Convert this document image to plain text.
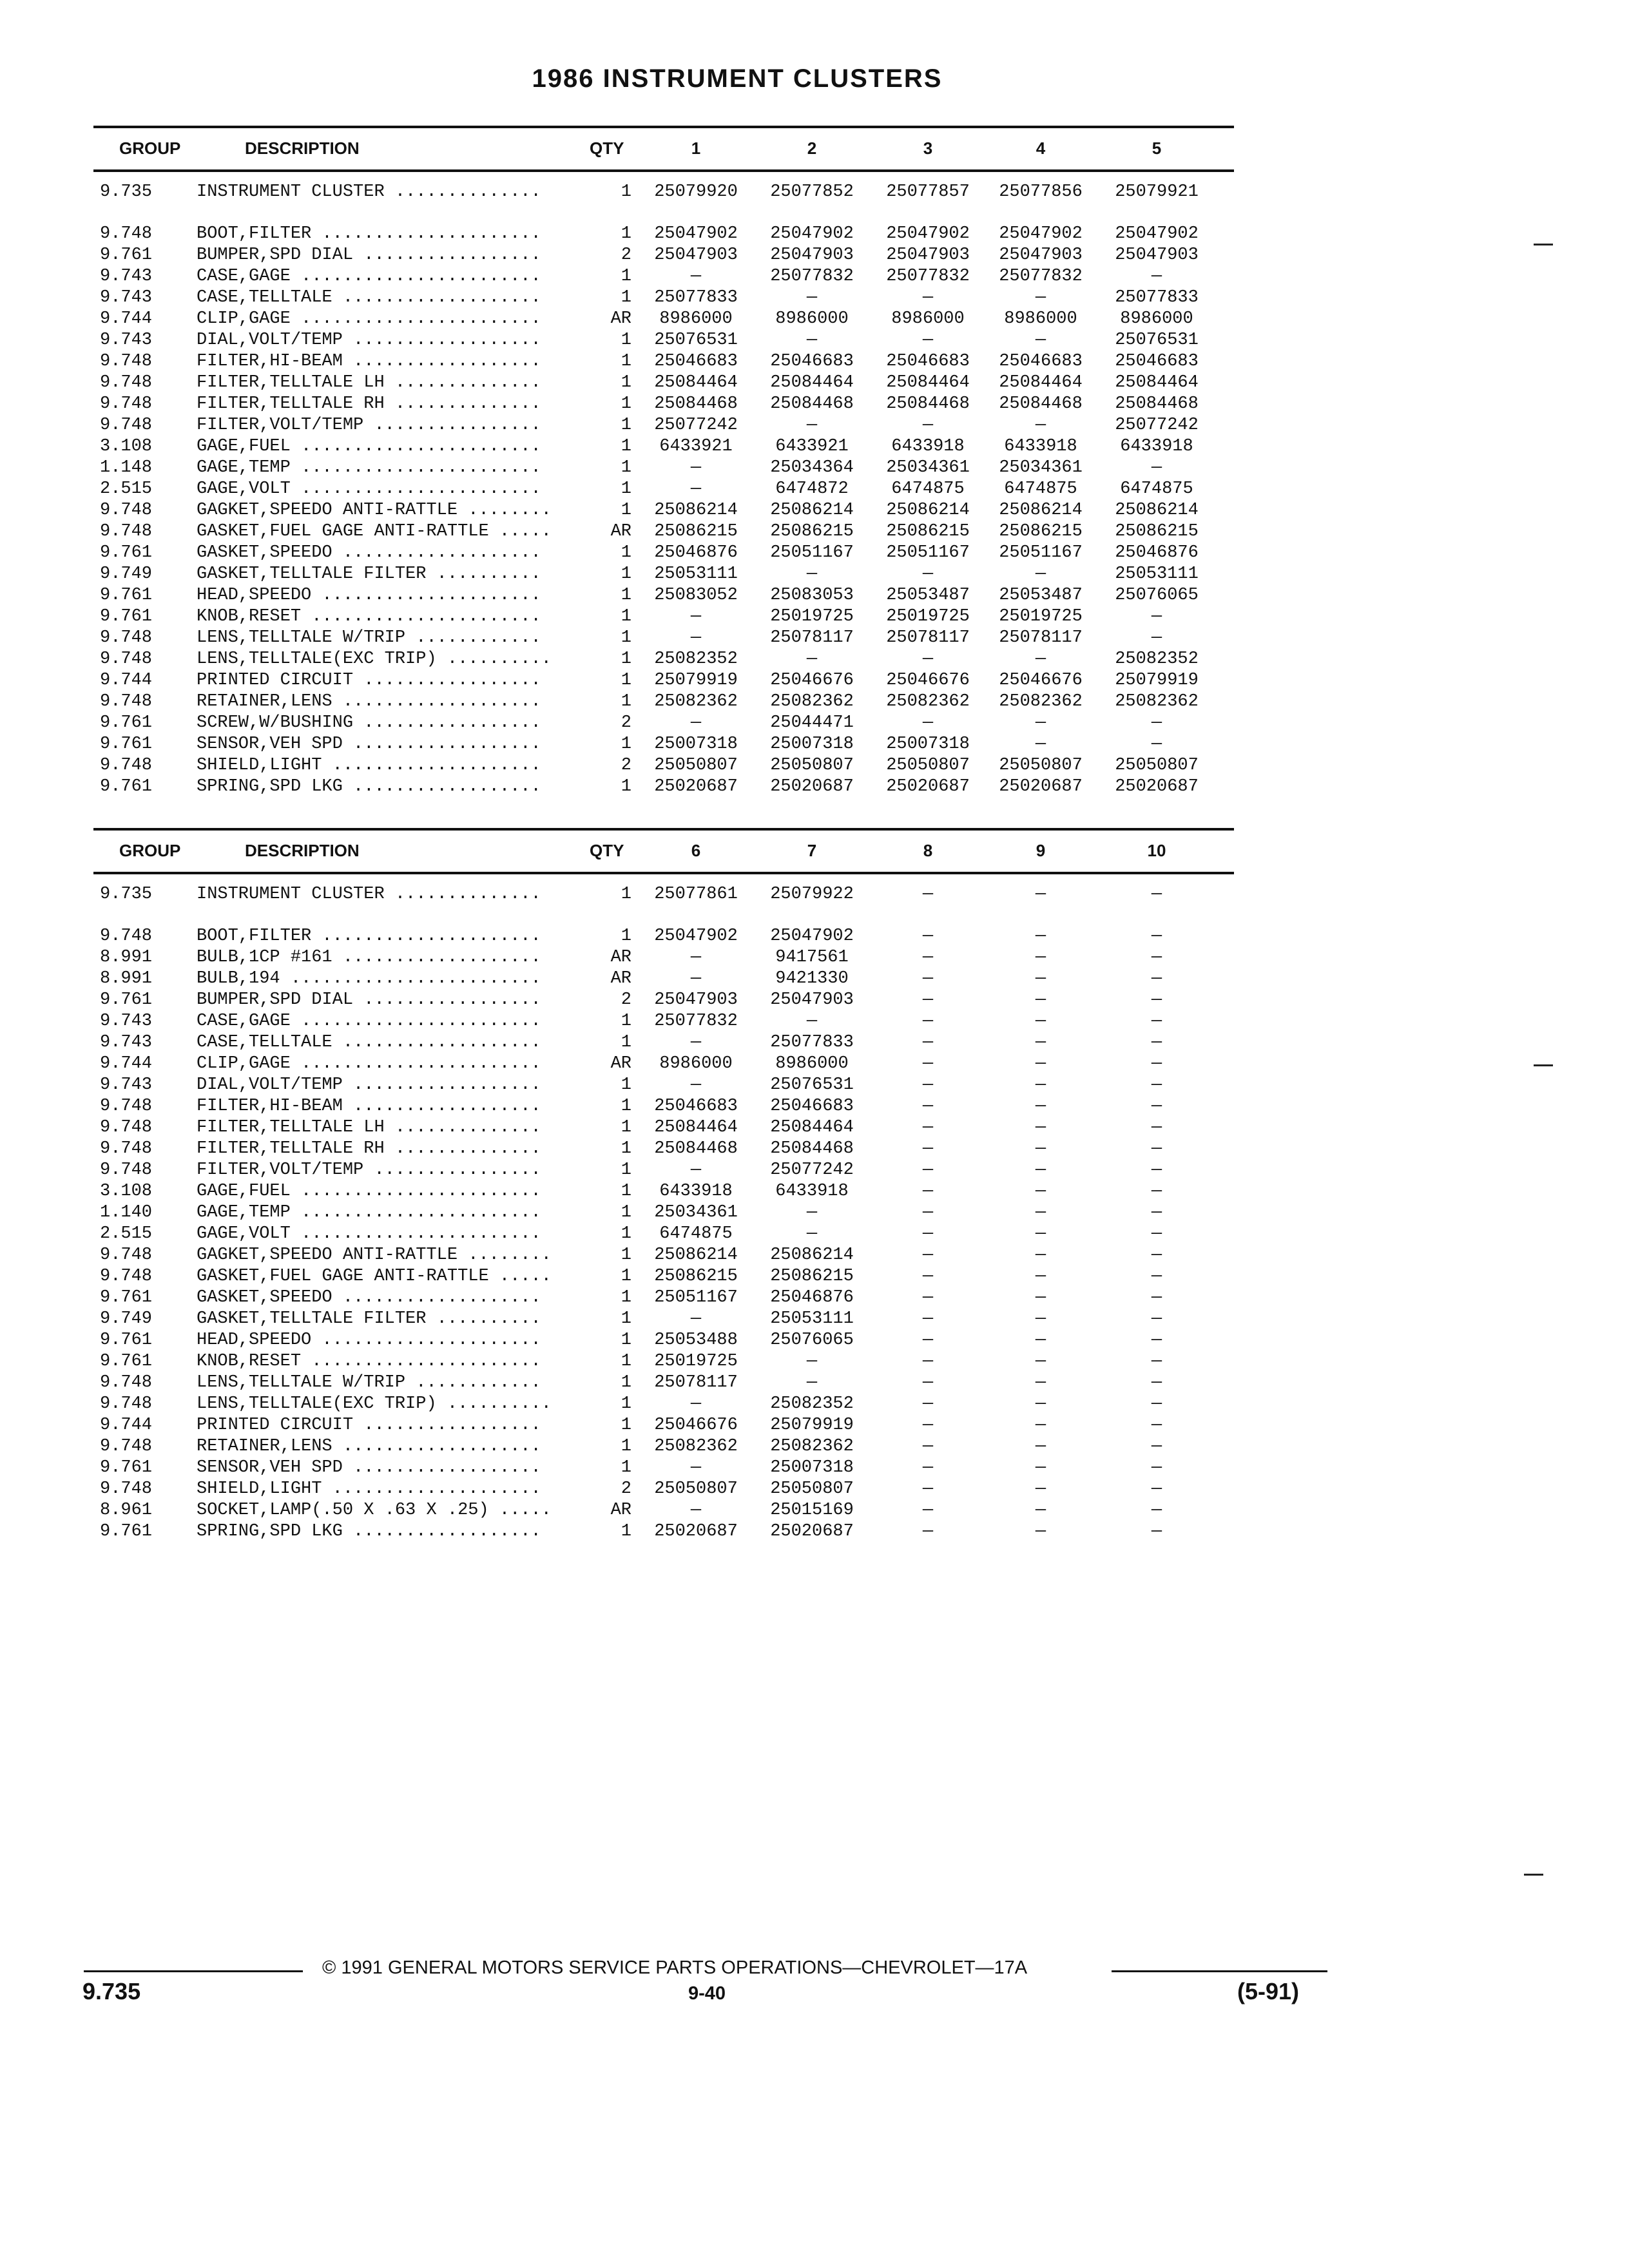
1986 INSTRUMENT CLUSTERS
GROUP	DESCRIPTION	QTY	1	2	3	4	5
9.735	INSTRUMENT CLUSTER ..............	1	25079920	25077852	25077857	25077856	25079921
9.748	BOOT,FILTER .....................	1	25047902	25047902	25047902	25047902	25047902
9.761	BUMPER,SPD DIAL .................	2	25047903	25047903	25047903	25047903	25047903
9.743	CASE,GAGE .......................	1	—	25077832	25077832	25077832	—
9.743	CASE,TELLTALE ...................	1	25077833	—	—	—	25077833
9.744	CLIP,GAGE .......................	AR	8986000	8986000	8986000	8986000	8986000
9.743	DIAL,VOLT/TEMP ..................	1	25076531	—	—	—	25076531
9.748	FILTER,HI-BEAM ..................	1	25046683	25046683	25046683	25046683	25046683
9.748	FILTER,TELLTALE LH ..............	1	25084464	25084464	25084464	25084464	25084464
9.748	FILTER,TELLTALE RH ..............	1	25084468	25084468	25084468	25084468	25084468
9.748	FILTER,VOLT/TEMP ................	1	25077242	—	—	—	25077242
3.108	GAGE,FUEL .......................	1	6433921	6433921	6433918	6433918	6433918
1.148	GAGE,TEMP .......................	1	—	25034364	25034361	25034361	—
2.515	GAGE,VOLT .......................	1	—	6474872	6474875	6474875	6474875
9.748	GAGKET,SPEEDO ANTI-RATTLE ........	1	25086214	25086214	25086214	25086214	25086214
9.748	GASKET,FUEL GAGE ANTI-RATTLE .....	AR	25086215	25086215	25086215	25086215	25086215
9.761	GASKET,SPEEDO ...................	1	25046876	25051167	25051167	25051167	25046876
9.749	GASKET,TELLTALE FILTER ..........	1	25053111	—	—	—	25053111
9.761	HEAD,SPEEDO .....................	1	25083052	25083053	25053487	25053487	25076065
9.761	KNOB,RESET ......................	1	—	25019725	25019725	25019725	—
9.748	LENS,TELLTALE W/TRIP ............	1	—	25078117	25078117	25078117	—
9.748	LENS,TELLTALE(EXC TRIP) ..........	1	25082352	—	—	—	25082352
9.744	PRINTED CIRCUIT .................	1	25079919	25046676	25046676	25046676	25079919
9.748	RETAINER,LENS ...................	1	25082362	25082362	25082362	25082362	25082362
9.761	SCREW,W/BUSHING .................	2	—	25044471	—	—	—
9.761	SENSOR,VEH SPD ..................	1	25007318	25007318	25007318	—	—
9.748	SHIELD,LIGHT ....................	2	25050807	25050807	25050807	25050807	25050807
9.761	SPRING,SPD LKG ..................	1	25020687	25020687	25020687	25020687	25020687
GROUP	DESCRIPTION	QTY	6	7	8	9	10
9.735	INSTRUMENT CLUSTER ..............	1	25077861	25079922	—	—	—
9.748	BOOT,FILTER .....................	1	25047902	25047902	—	—	—
8.991	BULB,1CP #161 ...................	AR	—	9417561	—	—	—
8.991	BULB,194 ........................	AR	—	9421330	—	—	—
9.761	BUMPER,SPD DIAL .................	2	25047903	25047903	—	—	—
9.743	CASE,GAGE .......................	1	25077832	—	—	—	—
9.743	CASE,TELLTALE ...................	1	—	25077833	—	—	—
9.744	CLIP,GAGE .......................	AR	8986000	8986000	—	—	—
9.743	DIAL,VOLT/TEMP ..................	1	—	25076531	—	—	—
9.748	FILTER,HI-BEAM ..................	1	25046683	25046683	—	—	—
9.748	FILTER,TELLTALE LH ..............	1	25084464	25084464	—	—	—
9.748	FILTER,TELLTALE RH ..............	1	25084468	25084468	—	—	—
9.748	FILTER,VOLT/TEMP ................	1	—	25077242	—	—	—
3.108	GAGE,FUEL .......................	1	6433918	6433918	—	—	—
1.140	GAGE,TEMP .......................	1	25034361	—	—	—	—
2.515	GAGE,VOLT .......................	1	6474875	—	—	—	—
9.748	GAGKET,SPEEDO ANTI-RATTLE ........	1	25086214	25086214	—	—	—
9.748	GASKET,FUEL GAGE ANTI-RATTLE .....	1	25086215	25086215	—	—	—
9.761	GASKET,SPEEDO ...................	1	25051167	25046876	—	—	—
9.749	GASKET,TELLTALE FILTER ..........	1	—	25053111	—	—	—
9.761	HEAD,SPEEDO .....................	1	25053488	25076065	—	—	—
9.761	KNOB,RESET ......................	1	25019725	—	—	—	—
9.748	LENS,TELLTALE W/TRIP ............	1	25078117	—	—	—	—
9.748	LENS,TELLTALE(EXC TRIP) ..........	1	—	25082352	—	—	—
9.744	PRINTED CIRCUIT .................	1	25046676	25079919	—	—	—
9.748	RETAINER,LENS ...................	1	25082362	25082362	—	—	—
9.761	SENSOR,VEH SPD ..................	1	—	25007318	—	—	—
9.748	SHIELD,LIGHT ....................	2	25050807	25050807	—	—	—
8.961	SOCKET,LAMP(.50 X .63 X .25) .....	AR	—	25015169	—	—	—
9.761	SPRING,SPD LKG ..................	1	25020687	25020687	—	—	—
© 1991 GENERAL MOTORS SERVICE PARTS OPERATIONS—CHEVROLET—17A
9.735	9-40	(5-91)
